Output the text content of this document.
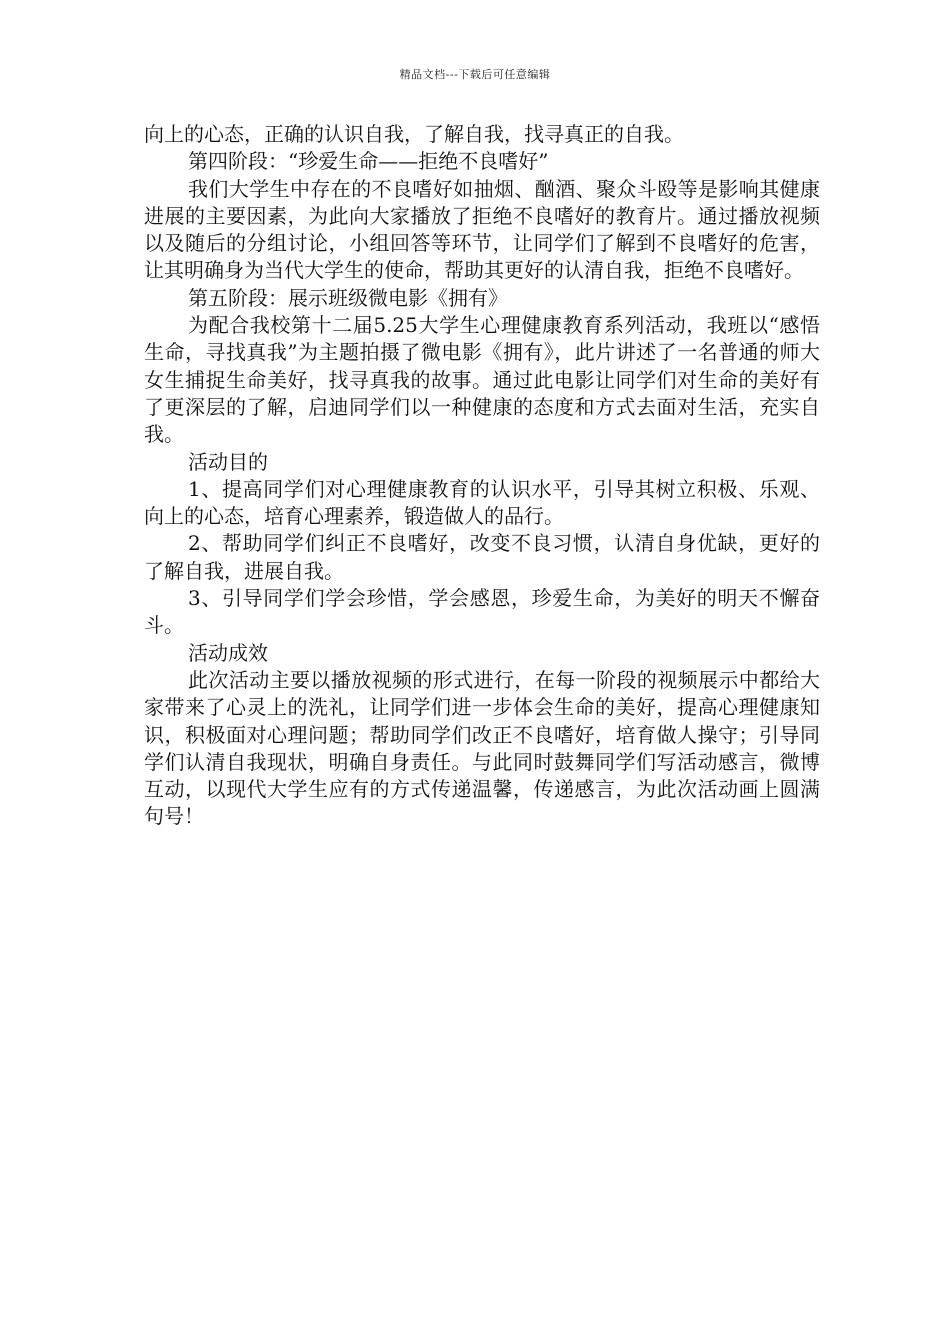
精品文档---下载后可任意编辑

向上的心态，正确的认识自我，了解自我，找寻真正的自我。

第四阶段：“珍爱生命——拒绝不良嗜好”

我们大学生中存在的不良嗜好如抽烟、酗酒、聚众斗殴等是影响其健康进展的主要因素，为此向大家播放了拒绝不良嗜好的教育片。通过播放视频以及随后的分组讨论，小组回答等环节，让同学们了解到不良嗜好的危害，让其明确身为当代大学生的使命，帮助其更好的认清自我，拒绝不良嗜好。

第五阶段：展示班级微电影《拥有》

为配合我校第十二届5.25大学生心理健康教育系列活动，我班以“感悟生命，寻找真我”为主题拍摄了微电影《拥有》，此片讲述了一名普通的师大女生捕捉生命美好，找寻真我的故事。通过此电影让同学们对生命的美好有了更深层的了解，启迪同学们以一种健康的态度和方式去面对生活，充实自我。

活动目的

1、提高同学们对心理健康教育的认识水平，引导其树立积极、乐观、向上的心态，培育心理素养，锻造做人的品行。

2、帮助同学们纠正不良嗜好，改变不良习惯，认清自身优缺，更好的了解自我，进展自我。

3、引导同学们学会珍惜，学会感恩，珍爱生命，为美好的明天不懈奋斗。

活动成效

此次活动主要以播放视频的形式进行，在每一阶段的视频展示中都给大家带来了心灵上的洗礼，让同学们进一步体会生命的美好，提高心理健康知识，积极面对心理问题；帮助同学们改正不良嗜好，培育做人操守；引导同学们认清自我现状，明确自身责任。与此同时鼓舞同学们写活动感言，微博互动，以现代大学生应有的方式传递温馨，传递感言，为此次活动画上圆满句号！
